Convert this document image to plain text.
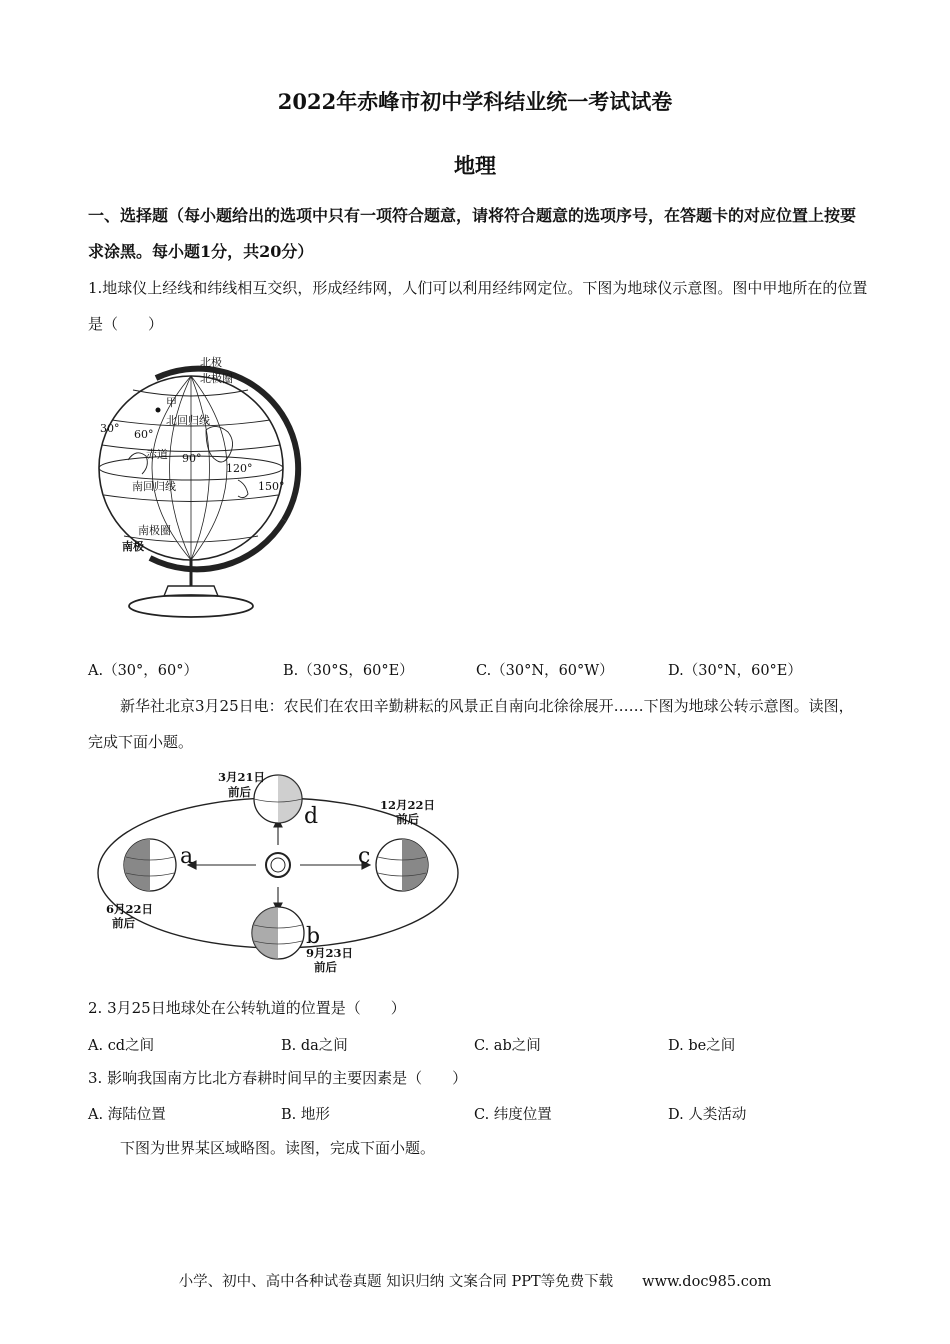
2022年赤峰市初中学科结业统一考试试卷
地理
一、选择题（每小题给出的选项中只有一项符合题意，请将符合题意的选项序号，在答题卡的对应位置上按要求涂黑。每小题1分，共20分）
1.地球仪上经线和纬线相互交织，形成经纬网，人们可以利用经纬网定位。下图为地球仪示意图。图中甲地所在的位置是（　　）
北极
北极圈
甲
北回归线
30° 60°
赤道 90°
120°
150°
南回归线
南极圈
南极
A.（30°，60°）	B.（30°S，60°E）	C.（30°N，60°W）	D.（30°N，60°E）
新华社北京3月25日电：农民们在农田辛勤耕耘的风景正自南向北徐徐展开……下图为地球公转示意图。读图，完成下面小题。
3月21日
前后
12月22日
前后
6月22日
前后
9月23日
前后
a
b
c
d
2. 3月25日地球处在公转轨道的位置是（　　）
A. cd之间	B. da之间	C. ab之间	D. be之间
3. 影响我国南方比北方春耕时间早的主要因素是（　　）
A. 海陆位置	B. 地形	C. 纬度位置	D. 人类活动
下图为世界某区域略图。读图，完成下面小题。
小学、初中、高中各种试卷真题 知识归纳 文案合同 PPT等免费下载　　www.doc985.com
